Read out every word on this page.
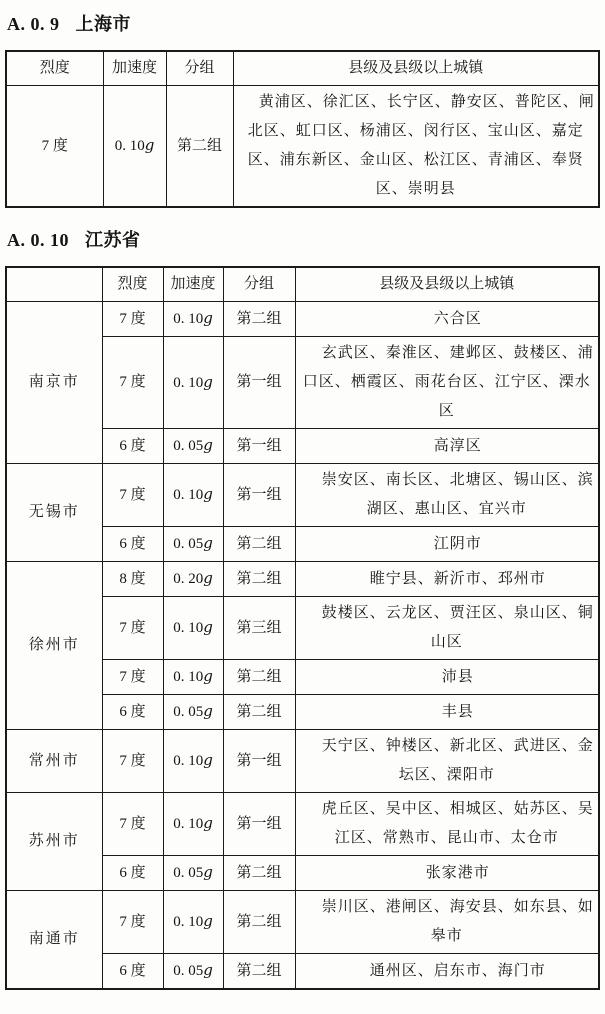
A. 0. 9 上海市
烈度	加速度	分组	县级及县级以上城镇
7 度	0. 10g	第二组	黄浦区、徐汇区、长宁区、静安区、普陀区、闸北区、虹口区、杨浦区、闵行区、宝山区、嘉定区、浦东新区、金山区、松江区、青浦区、奉贤区、崇明县
A. 0. 10 江苏省
	烈度	加速度	分组	县级及县级以上城镇
南京市	7 度	0. 10g	第二组	六合区
	7 度	0. 10g	第一组	玄武区、秦淮区、建邺区、鼓楼区、浦口区、栖霞区、雨花台区、江宁区、溧水区
	6 度	0. 05g	第一组	高淳区
无锡市	7 度	0. 10g	第一组	崇安区、南长区、北塘区、锡山区、滨湖区、惠山区、宜兴市
	6 度	0. 05g	第二组	江阴市
徐州市	8 度	0. 20g	第二组	睢宁县、新沂市、邳州市
	7 度	0. 10g	第三组	鼓楼区、云龙区、贾汪区、泉山区、铜山区
	7 度	0. 10g	第二组	沛县
	6 度	0. 05g	第二组	丰县
常州市	7 度	0. 10g	第一组	天宁区、钟楼区、新北区、武进区、金坛区、溧阳市
苏州市	7 度	0. 10g	第一组	虎丘区、吴中区、相城区、姑苏区、吴江区、常熟市、昆山市、太仓市
	6 度	0. 05g	第二组	张家港市
南通市	7 度	0. 10g	第二组	崇川区、港闸区、海安县、如东县、如皋市
	6 度	0. 05g	第二组	通州区、启东市、海门市
